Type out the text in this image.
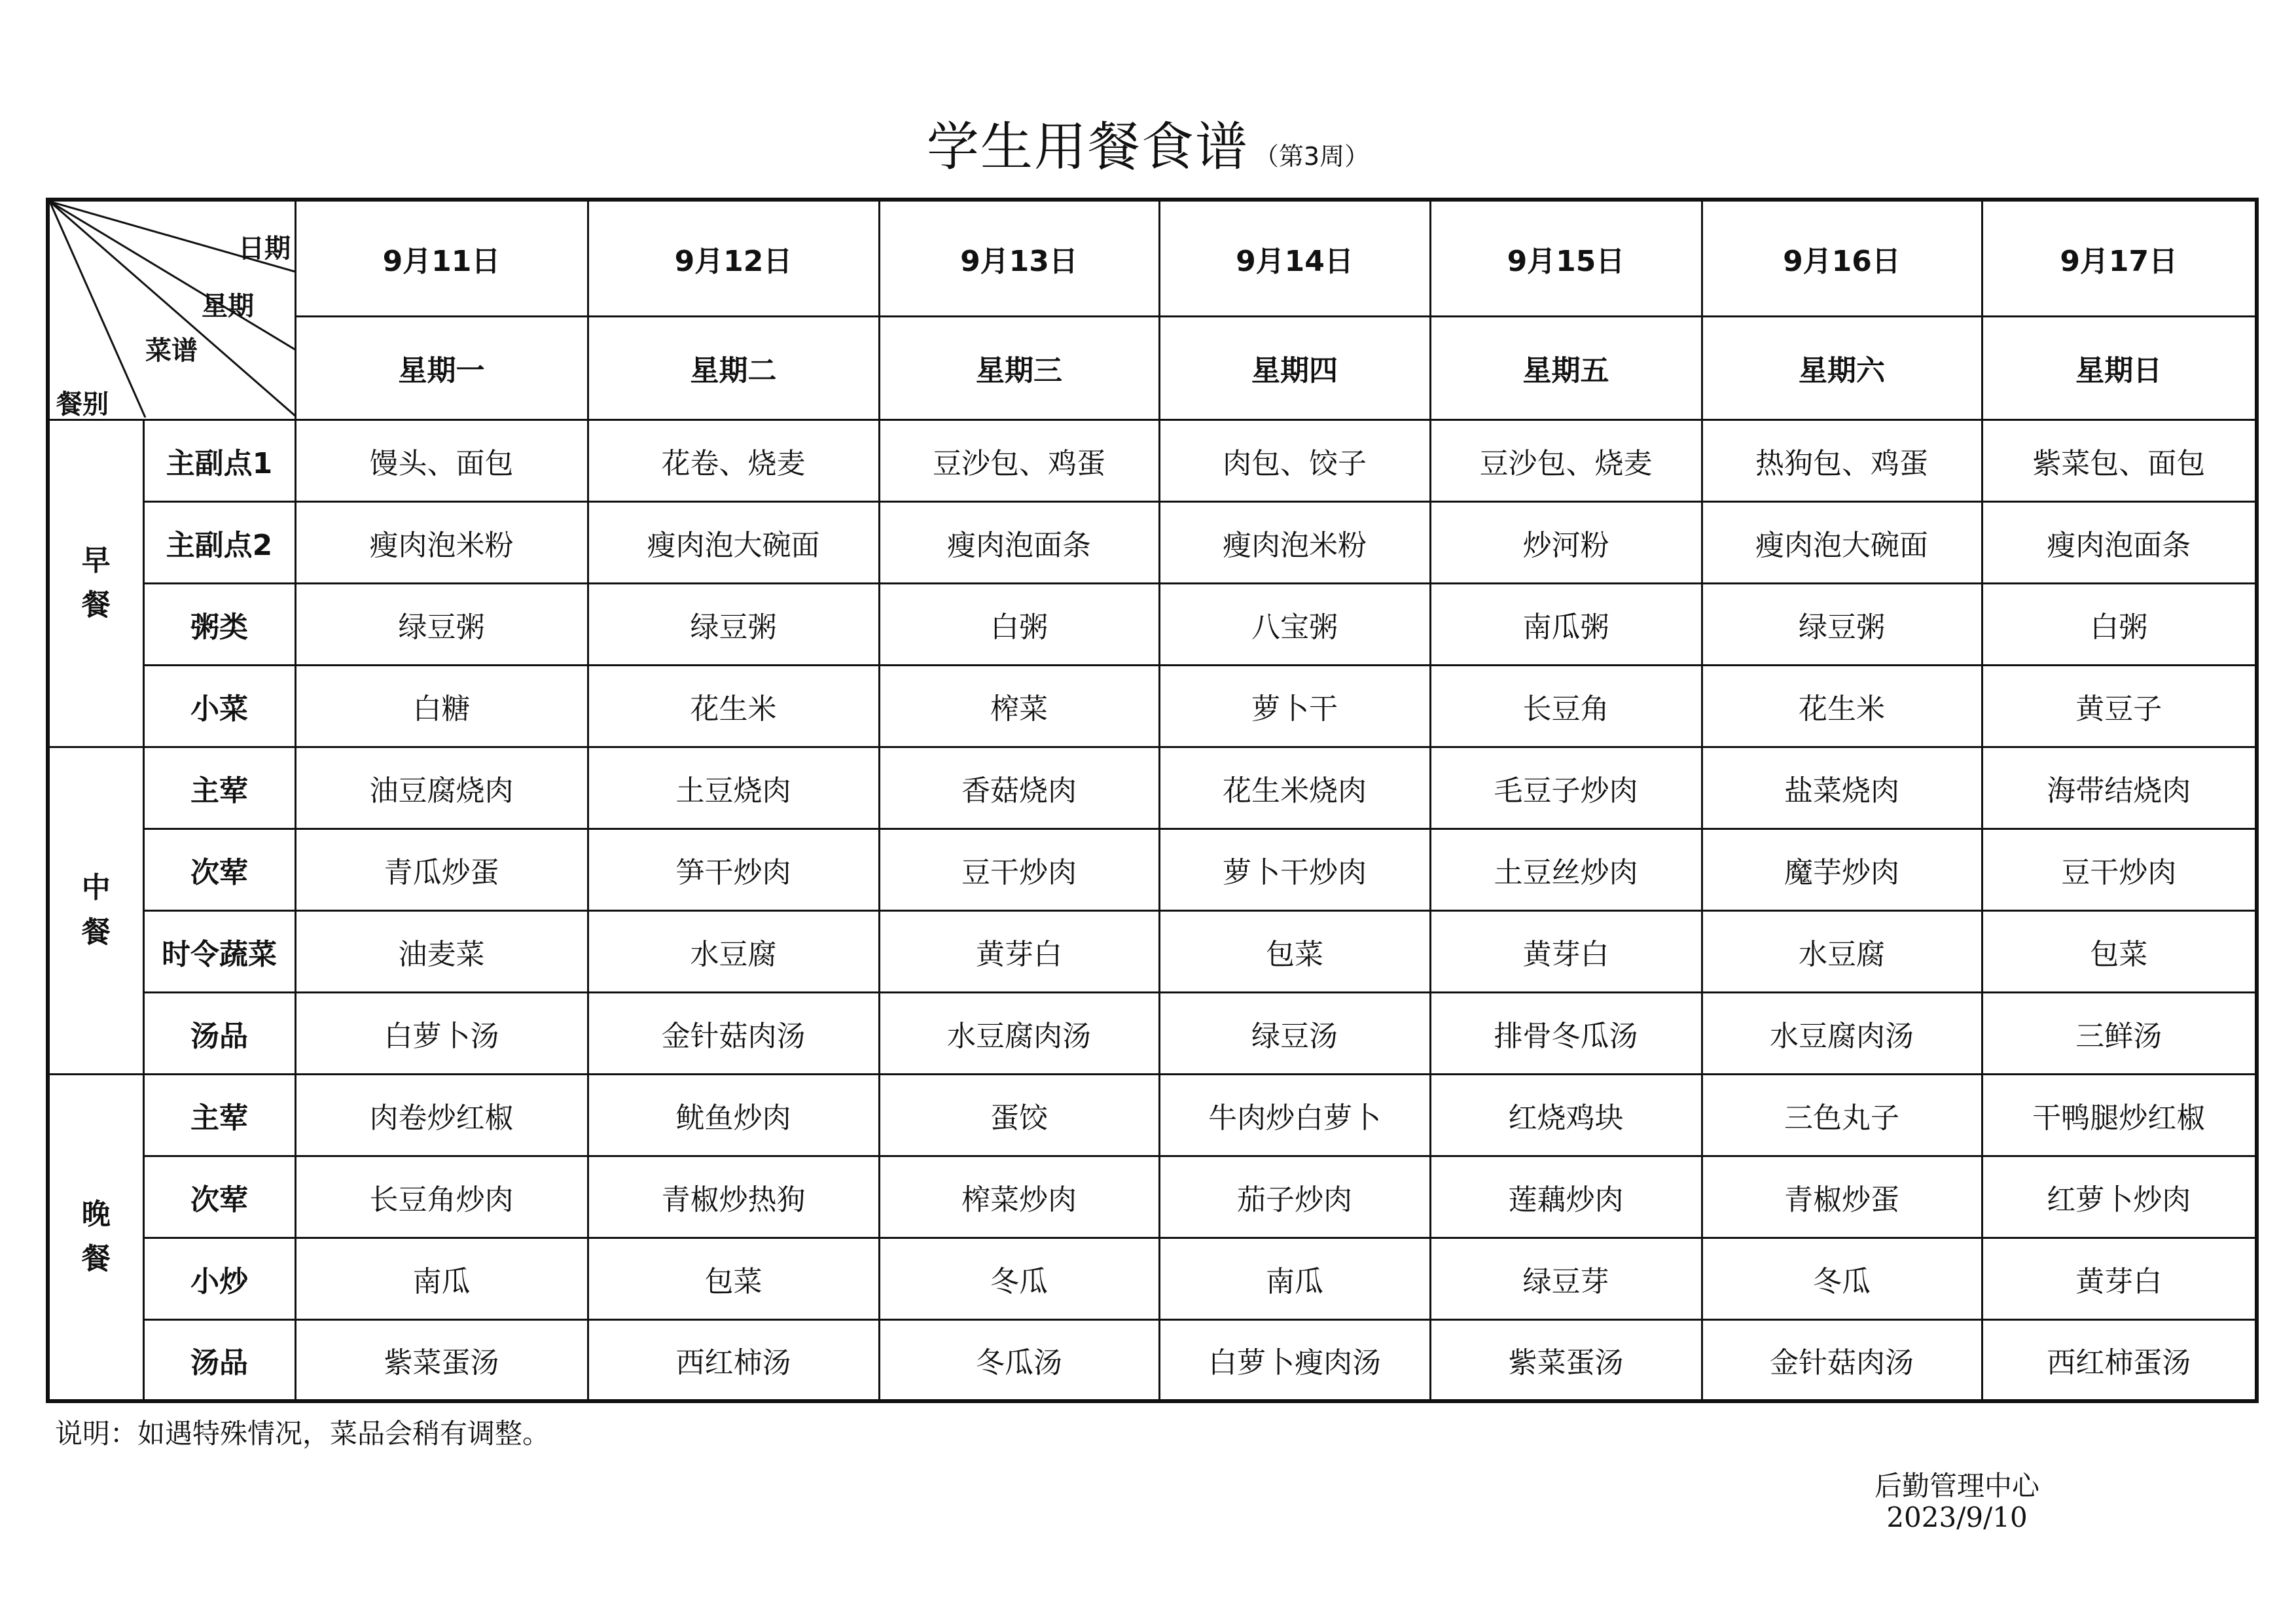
学生用餐食谱 （第3周）
日期
星期
菜谱
餐别		9月11日	9月12日	9月13日	9月14日	9月15日	9月16日	9月17日
		星期一	星期二	星期三	星期四	星期五	星期六	星期日
早
餐	主副点1	馒头、面包	花卷、烧麦	豆沙包、鸡蛋	肉包、饺子	豆沙包、烧麦	热狗包、鸡蛋	紫菜包、面包
	主副点2	瘦肉泡米粉	瘦肉泡大碗面	瘦肉泡面条	瘦肉泡米粉	炒河粉	瘦肉泡大碗面	瘦肉泡面条
	粥类	绿豆粥	绿豆粥	白粥	八宝粥	南瓜粥	绿豆粥	白粥
	小菜	白糖	花生米	榨菜	萝卜干	长豆角	花生米	黄豆子
中
餐	主荤	油豆腐烧肉	土豆烧肉	香菇烧肉	花生米烧肉	毛豆子炒肉	盐菜烧肉	海带结烧肉
	次荤	青瓜炒蛋	笋干炒肉	豆干炒肉	萝卜干炒肉	土豆丝炒肉	魔芋炒肉	豆干炒肉
	时令蔬菜	油麦菜	水豆腐	黄芽白	包菜	黄芽白	水豆腐	包菜
	汤品	白萝卜汤	金针菇肉汤	水豆腐肉汤	绿豆汤	排骨冬瓜汤	水豆腐肉汤	三鲜汤
晚
餐	主荤	肉卷炒红椒	鱿鱼炒肉	蛋饺	牛肉炒白萝卜	红烧鸡块	三色丸子	干鸭腿炒红椒
	次荤	长豆角炒肉	青椒炒热狗	榨菜炒肉	茄子炒肉	莲藕炒肉	青椒炒蛋	红萝卜炒肉
	小炒	南瓜	包菜	冬瓜	南瓜	绿豆芽	冬瓜	黄芽白
	汤品	紫菜蛋汤	西红柿汤	冬瓜汤	白萝卜瘦肉汤	紫菜蛋汤	金针菇肉汤	西红柿蛋汤
说明：如遇特殊情况，菜品会稍有调整。
后勤管理中心
2023/9/10
